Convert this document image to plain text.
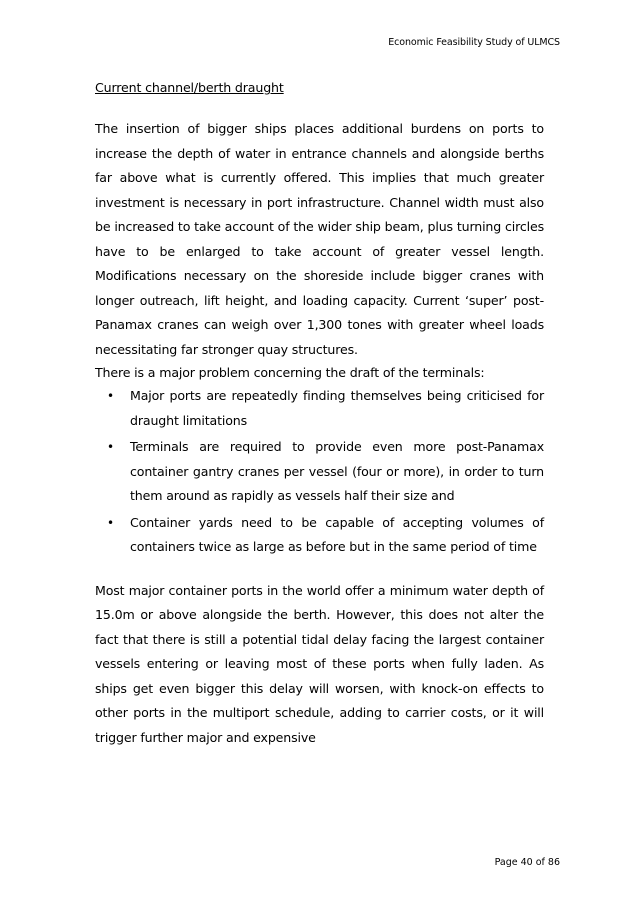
Economic Feasibility Study of ULMCS
Current channel/berth draught

The insertion of bigger ships places additional burdens on ports to increase the depth of water in entrance channels and alongside berths far above what is currently offered. This implies that much greater investment is necessary in port infrastructure. Channel width must also be increased to take account of the wider ship beam, plus turning circles have to be enlarged to take account of greater vessel length. Modifications necessary on the shoreside include bigger cranes with longer outreach, lift height, and loading capacity. Current ‘super’ post-Panamax cranes can weigh over 1,300 tones with greater wheel loads necessitating far stronger quay structures.

There is a major problem concerning the draft of the terminals:

• Major ports are repeatedly finding themselves being criticised for draught limitations
• Terminals are required to provide even more post-Panamax container gantry cranes per vessel (four or more), in order to turn them around as rapidly as vessels half their size and
• Container yards need to be capable of accepting volumes of containers twice as large as before but in the same period of time

Most major container ports in the world offer a minimum water depth of 15.0m or above alongside the berth. However, this does not alter the fact that there is still a potential tidal delay facing the largest container vessels entering or leaving most of these ports when fully laden. As ships get even bigger this delay will worsen, with knock-on effects to other ports in the multiport schedule, adding to carrier costs, or it will trigger further major and expensive

Page 40 of 86
